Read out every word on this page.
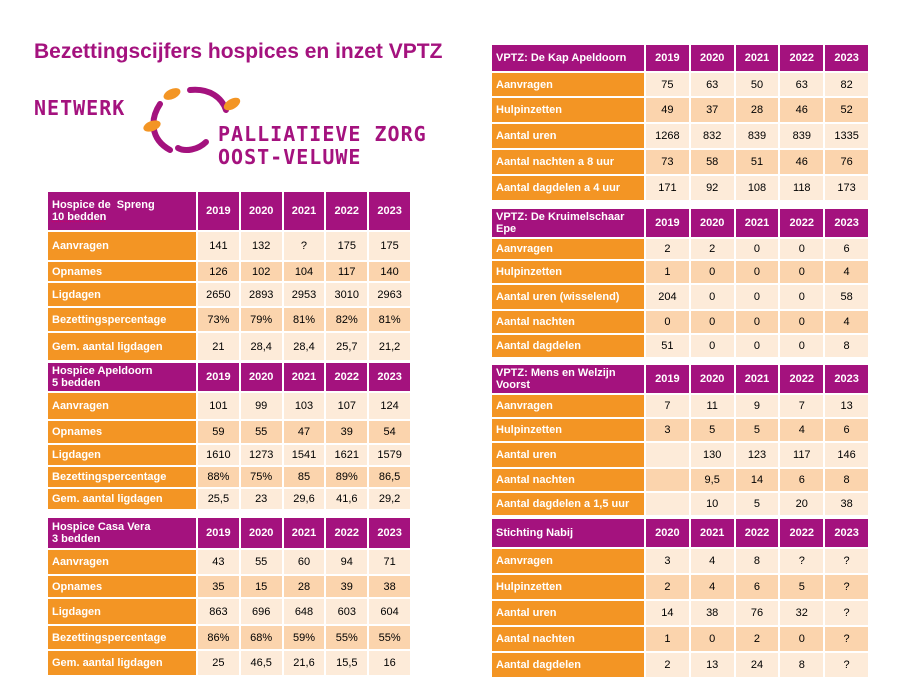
Bezettingscijfers hospices en inzet VPTZ
NETWERK
PALLIATIEVE ZORG
OOST-VELUWE
Hospice de  Spreng
10 bedden	2019	2020	2021	2022	2023
Aanvragen	141	132	?	175	175
Opnames	126	102	104	117	140
Ligdagen	2650	2893	2953	3010	2963
Bezettingspercentage	73%	79%	81%	82%	81%
Gem. aantal ligdagen	21	28,4	28,4	25,7	21,2
Hospice Apeldoorn
5 bedden	2019	2020	2021	2022	2023
Aanvragen	101	99	103	107	124
Opnames	59	55	47	39	54
Ligdagen	1610	1273	1541	1621	1579
Bezettingspercentage	88%	75%	85	89%	86,5
Gem. aantal ligdagen	25,5	23	29,6	41,6	29,2
Hospice Casa Vera
3 bedden	2019	2020	2021	2022	2023
Aanvragen	43	55	60	94	71
Opnames	35	15	28	39	38
Ligdagen	863	696	648	603	604
Bezettingspercentage	86%	68%	59%	55%	55%
Gem. aantal ligdagen	25	46,5	21,6	15,5	16
VPTZ: De Kap Apeldoorn	2019	2020	2021	2022	2023
Aanvragen	75	63	50	63	82
Hulpinzetten	49	37	28	46	52
Aantal uren	1268	832	839	839	1335
Aantal nachten a 8 uur	73	58	51	46	76
Aantal dagdelen a 4 uur	171	92	108	118	173
VPTZ: De Kruimelschaar Epe	2019	2020	2021	2022	2023
Aanvragen	2	2	0	0	6
Hulpinzetten	1	0	0	0	4
Aantal uren (wisselend)	204	0	0	0	58
Aantal nachten	0	0	0	0	4
Aantal dagdelen	51	0	0	0	8
VPTZ: Mens en Welzijn
Voorst	2019	2020	2021	2022	2023
Aanvragen	7	11	9	7	13
Hulpinzetten	3	5	5	4	6
Aantal uren		130	123	117	146
Aantal nachten		9,5	14	6	8
Aantal dagdelen a 1,5 uur		10	5	20	38
Stichting Nabij	2020	2021	2022	2022	2023
Aanvragen	3	4	8	?	?
Hulpinzetten	2	4	6	5	?
Aantal uren	14	38	76	32	?
Aantal nachten	1	0	2	0	?
Aantal dagdelen	2	13	24	8	?
